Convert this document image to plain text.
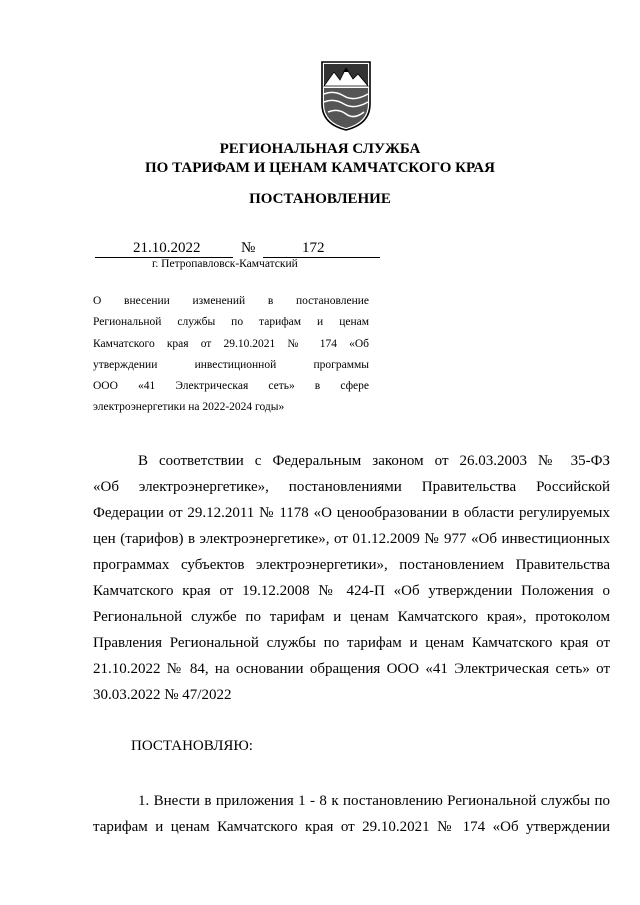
РЕГИОНАЛЬНАЯ СЛУЖБА
ПО ТАРИФАМ И ЦЕНАМ КАМЧАТСКОГО КРАЯ
ПОСТАНОВЛЕНИЕ
21.10.2022	№	172
г. Петропавловск-Камчатский
О внесении изменений в постановление
Региональной службы по тарифам и ценам
Камчатского края от 29.10.2021 № 174 «Об
утверждении инвестиционной программы
ООО «41 Электрическая сеть» в сфере
электроэнергетики на 2022-2024 годы»
В соответствии с Федеральным законом от 26.03.2003 № 35-ФЗ
«Об электроэнергетике», постановлениями Правительства Российской
Федерации от 29.12.2011 № 1178 «О ценообразовании в области регулируемых
цен (тарифов) в электроэнергетике», от 01.12.2009 № 977 «Об инвестиционных
программах субъектов электроэнергетики», постановлением Правительства
Камчатского края от 19.12.2008 № 424-П «Об утверждении Положения о
Региональной службе по тарифам и ценам Камчатского края», протоколом
Правления Региональной службы по тарифам и ценам Камчатского края от
21.10.2022 № 84, на основании обращения ООО «41 Электрическая сеть» от
30.03.2022 № 47/2022
ПОСТАНОВЛЯЮ:
1. Внести в приложения 1 - 8 к постановлению Региональной службы по
тарифам и ценам Камчатского края от 29.10.2021 № 174 «Об утверждении
